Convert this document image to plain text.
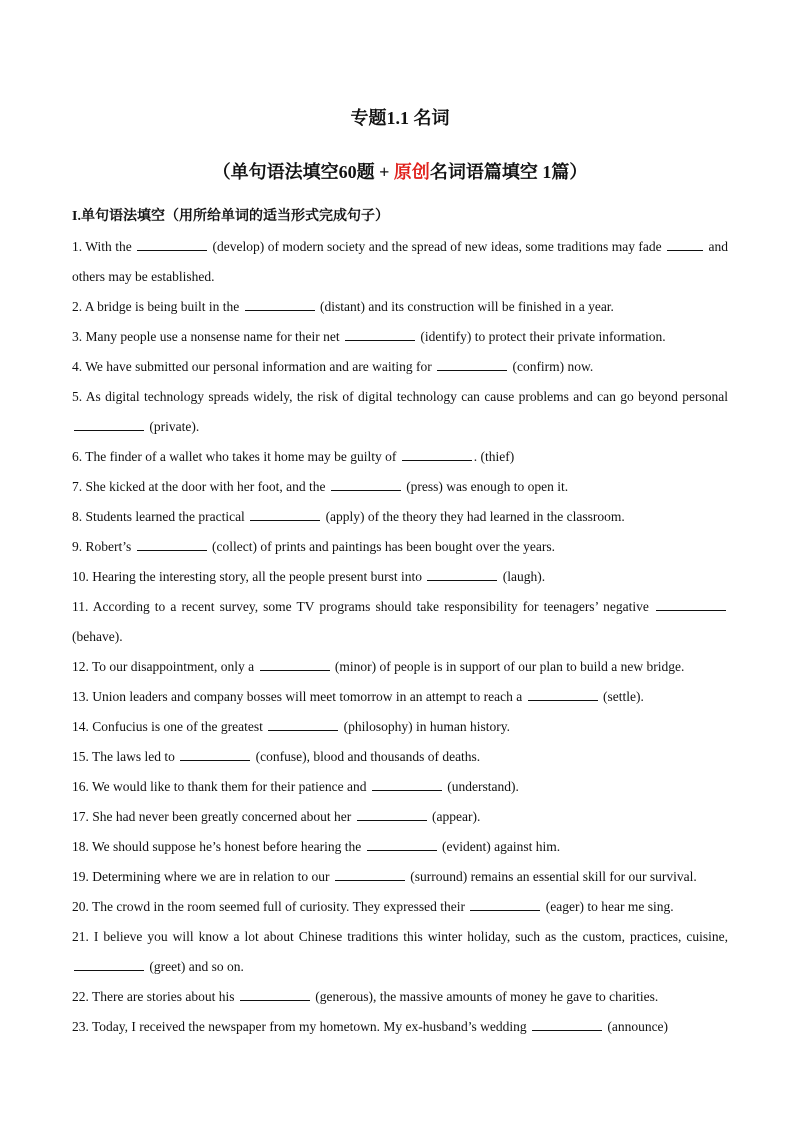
专题1.1 名词
（单句语法填空60题 + 原创名词语篇填空 1篇）
I.单句语法填空（用所给单词的适当形式完成句子）

1. With the	(develop) of modern society and the spread of new ideas, some traditions may fade	and others may be established.

2. A bridge is being built in the	(distant) and its construction will be finished in a year.

3. Many people use a nonsense name for their net	(identify) to protect their private information.

4. We have submitted our personal information and are waiting for	(confirm) now.

5. As digital technology spreads widely, the risk of digital technology can cause problems and can go beyond personal  (private).

6. The finder of a wallet who takes it home may be guilty of	. (thief)

7. She kicked at the door with her foot, and the	(press) was enough to open it.

8. Students learned the practical	(apply) of the theory they had learned in the classroom.

9. Robert’s	(collect) of prints and paintings has been bought over the years.

10. Hearing the interesting story, all the people present burst into	(laugh).

11. According to a recent survey, some TV programs should take responsibility for teenagers’ negative  (behave).

12. To our disappointment, only a	(minor) of people is in support of our plan to build a new bridge.

13. Union leaders and company bosses will meet tomorrow in an attempt to reach a	(settle).

14. Confucius is one of the greatest	(philosophy) in human history.

15. The laws led to	(confuse), blood and thousands of deaths.

16. We would like to thank them for their patience and	(understand).

17. She had never been greatly concerned about her	(appear).

18. We should suppose he’s honest before hearing the	(evident) against him.

19. Determining where we are in relation to our	(surround) remains an essential skill for our survival.

20. The crowd in the room seemed full of curiosity. They expressed their	(eager) to hear me sing.

21. I believe you will know a lot about Chinese traditions this winter holiday, such as the custom, practices, cuisine,  (greet) and so on.

22. There are stories about his	(generous), the massive amounts of money he gave to charities.

23. Today, I received the newspaper from my hometown. My ex-husband’s wedding	(announce)
